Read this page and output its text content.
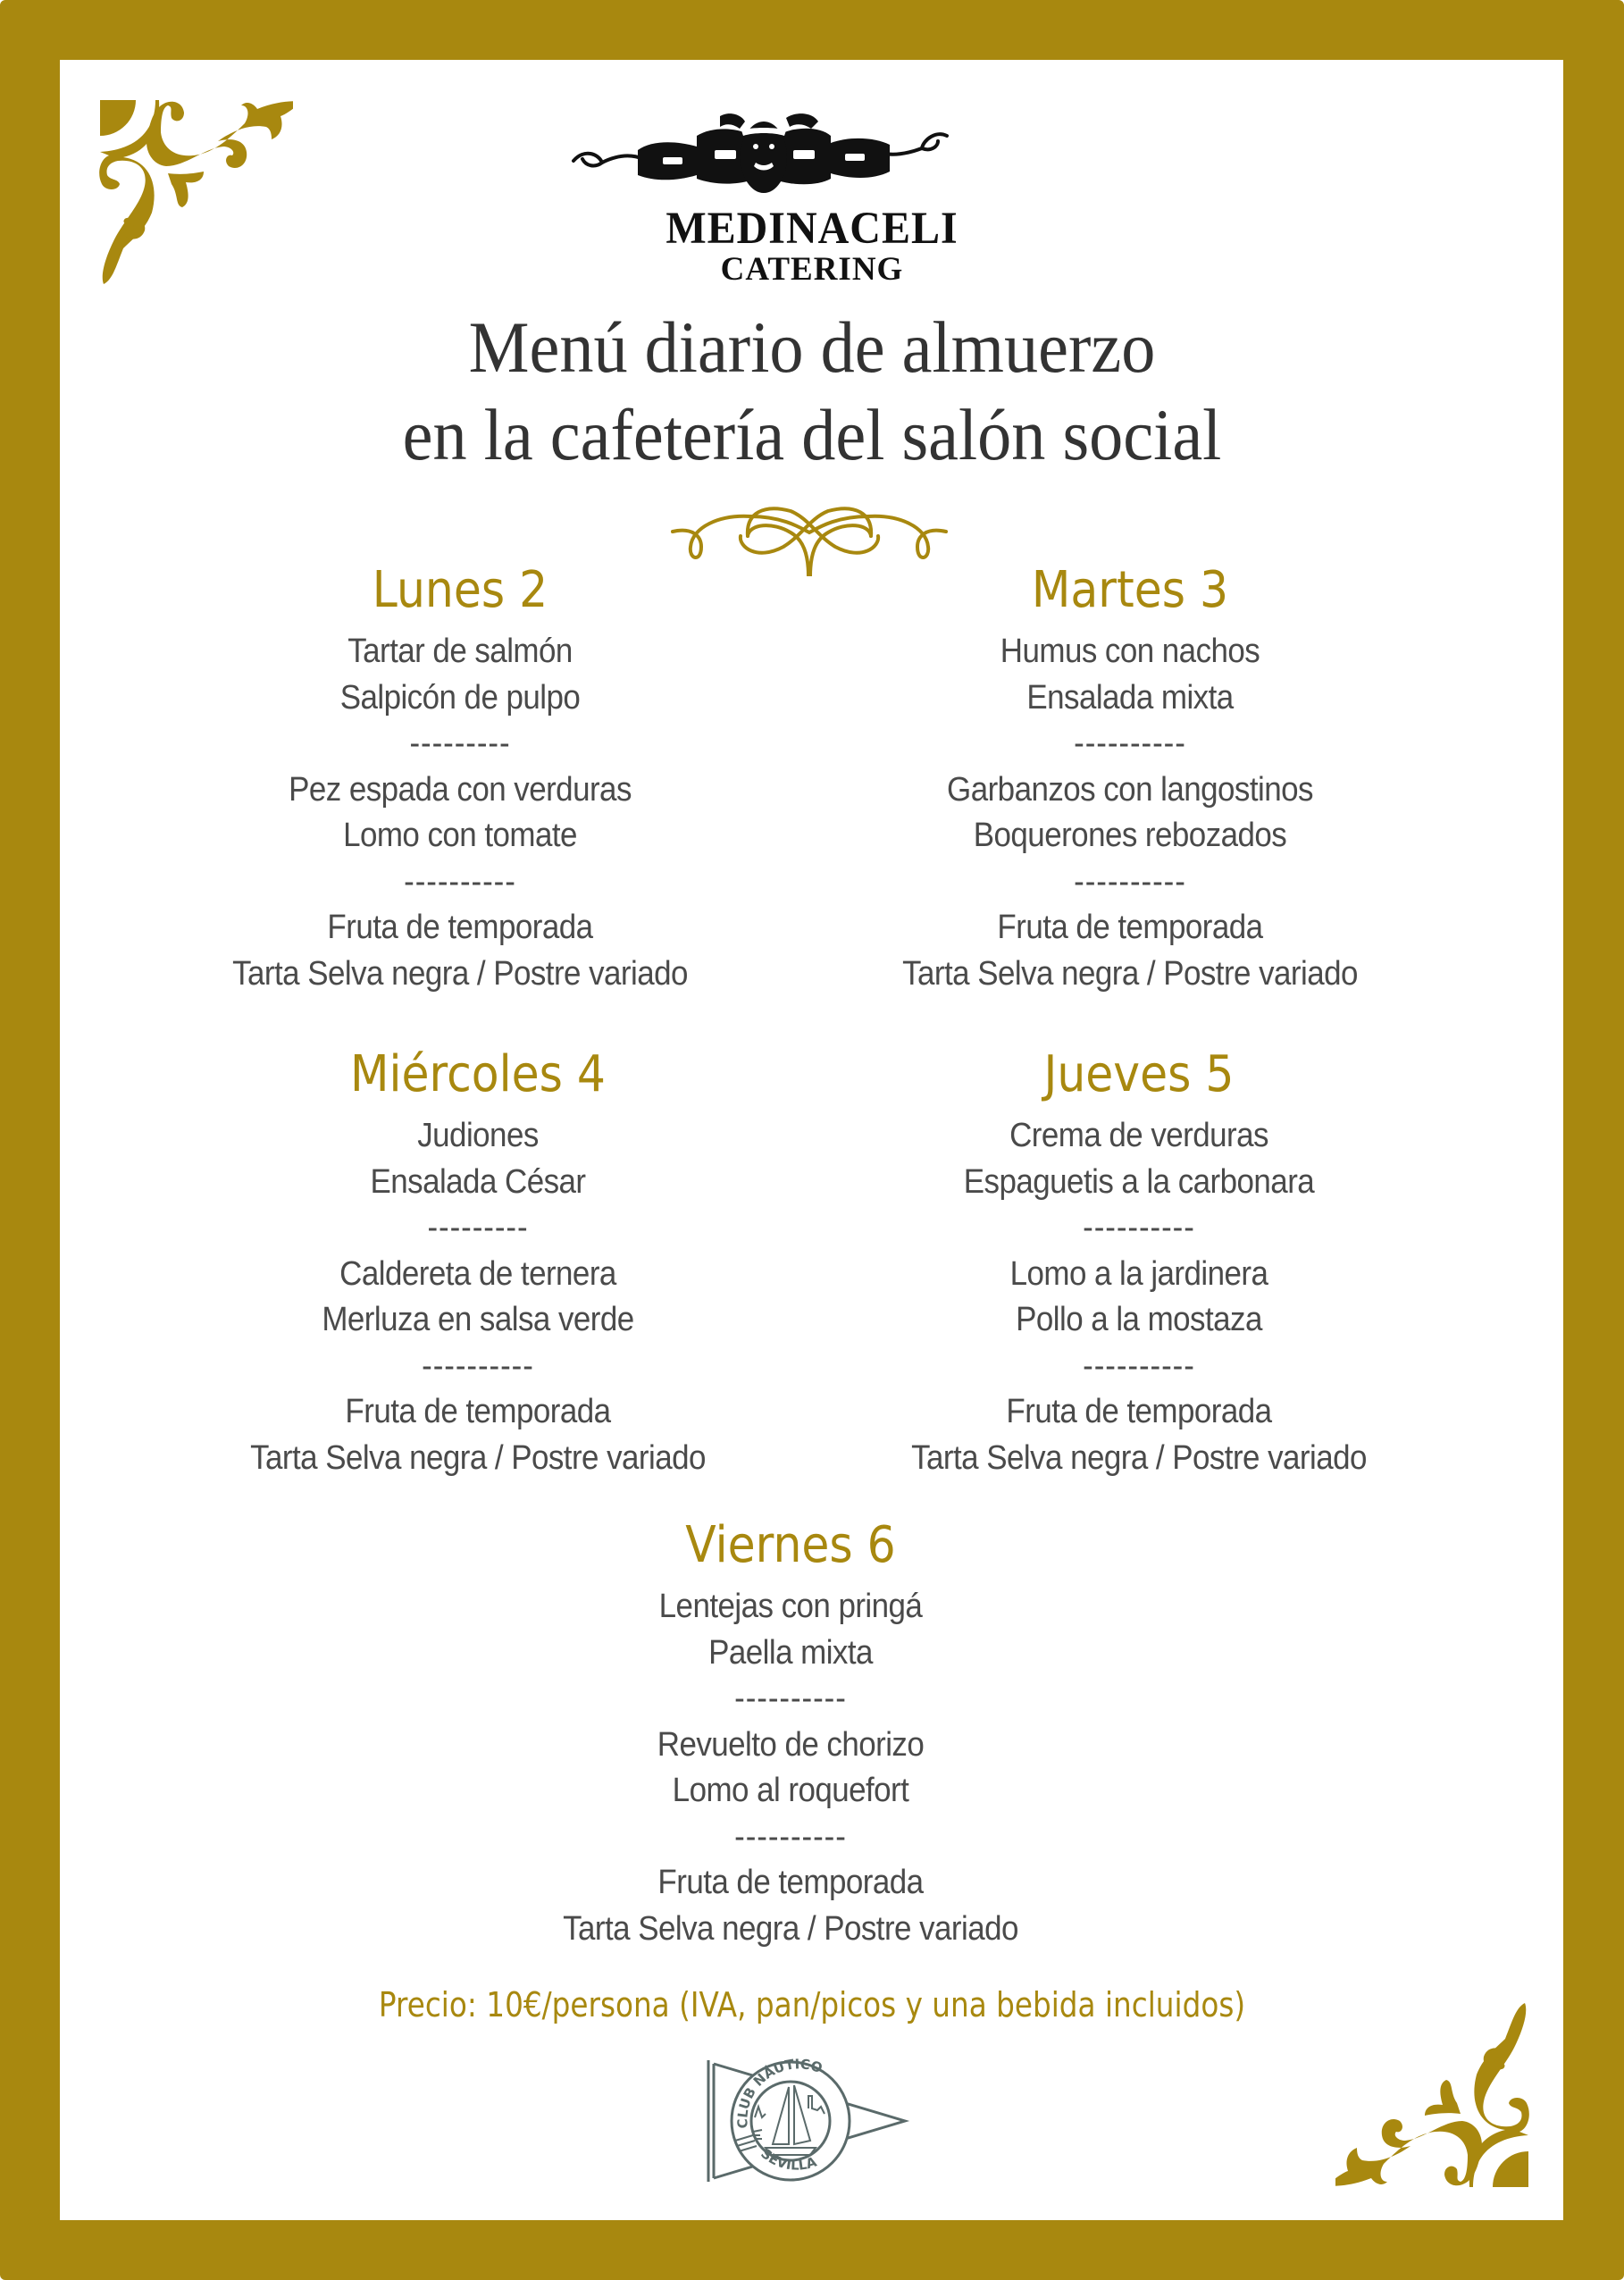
MEDINACELI
CATERING
Menú diario de almuerzo
en la cafetería del salón social
Lunes 2
Tartar de salmón
Salpicón de pulpo
---------
Pez espada con verduras
Lomo con tomate
----------
Fruta de temporada
Tarta Selva negra / Postre variado
Martes 3
Humus con nachos
Ensalada mixta
----------
Garbanzos con langostinos
Boquerones rebozados
----------
Fruta de temporada
Tarta Selva negra / Postre variado
Miércoles 4
Judiones
Ensalada César
---------
Caldereta de ternera
Merluza en salsa verde
----------
Fruta de temporada
Tarta Selva negra / Postre variado
Jueves 5
Crema de verduras
Espaguetis a la carbonara
----------
Lomo a la jardinera
Pollo a la mostaza
----------
Fruta de temporada
Tarta Selva negra / Postre variado
Viernes 6
Lentejas con pringá
Paella mixta
----------
Revuelto de chorizo
Lomo al roquefort
----------
Fruta de temporada
Tarta Selva negra / Postre variado
Precio: 10€/persona (IVA, pan/picos y una bebida incluidos)
CLUB NÁUTICO
SEVILLA
